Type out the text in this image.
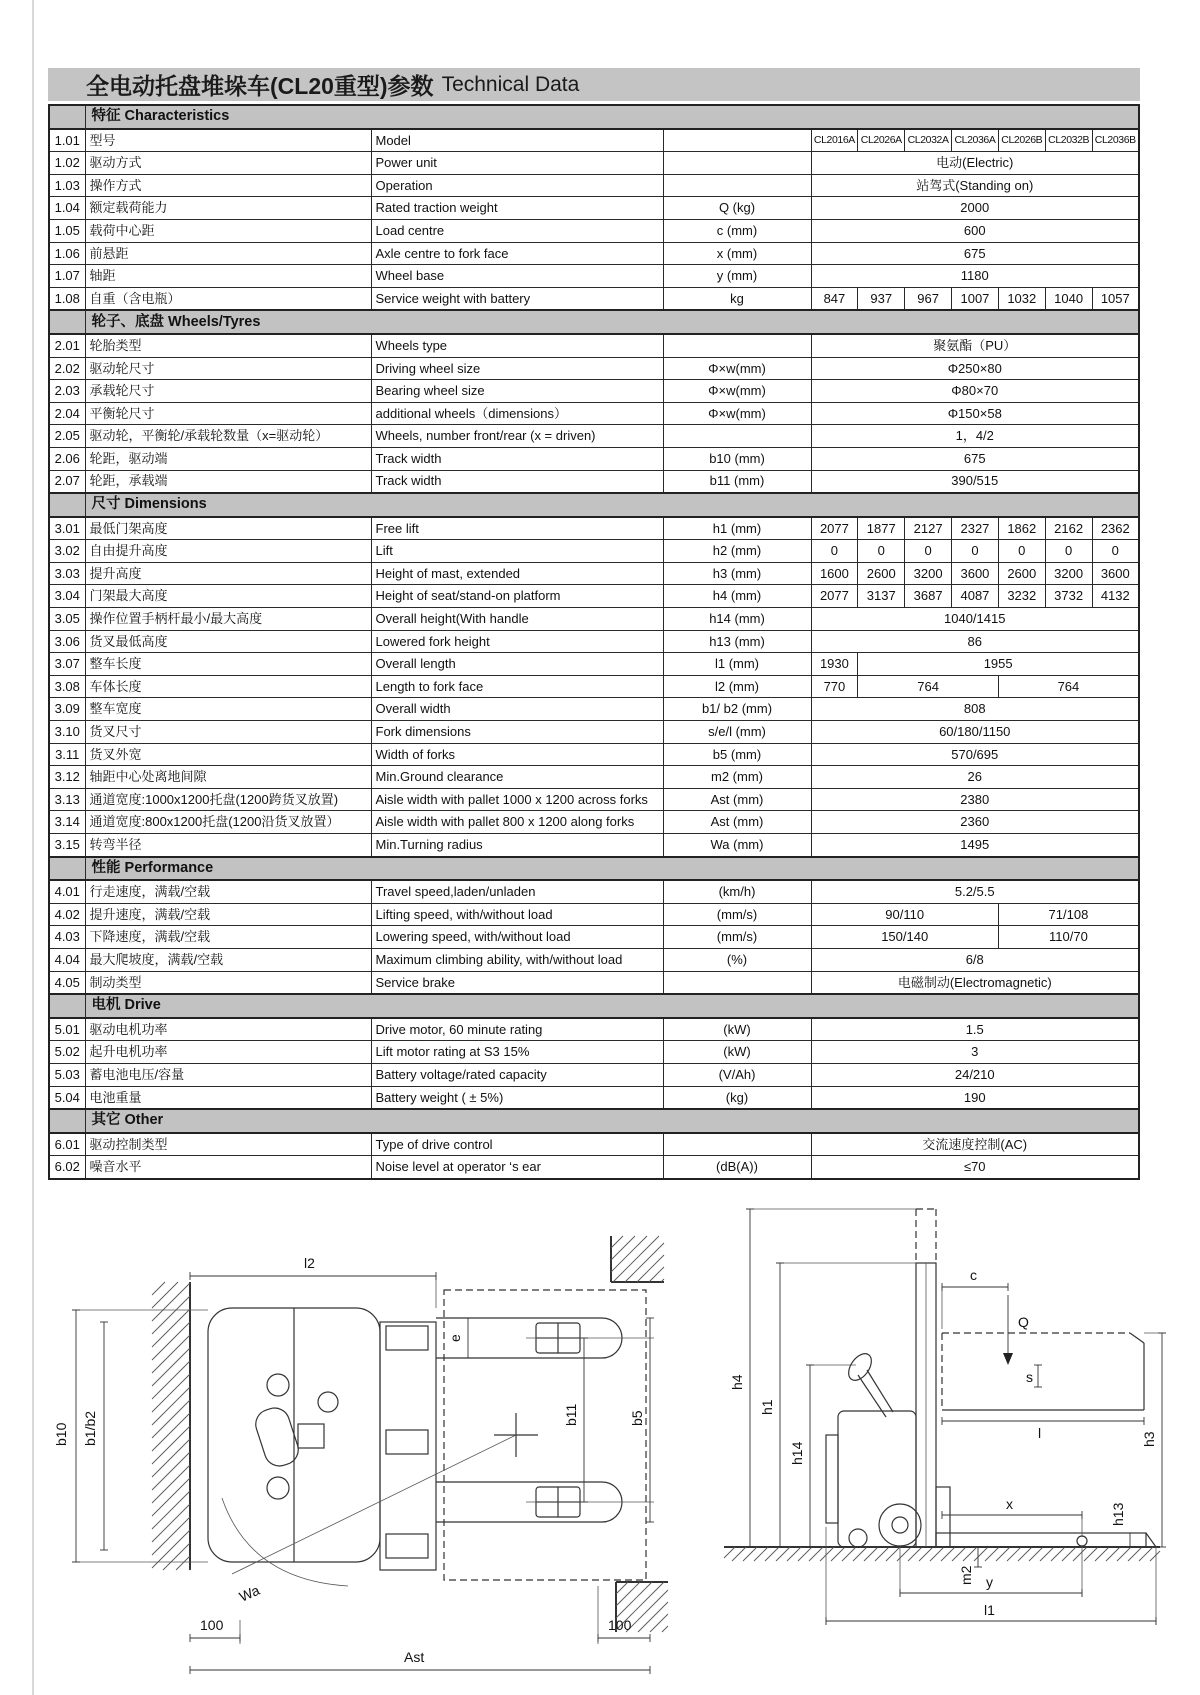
全电动托盘堆垛车(CL20重型)参数 Technical Data
	特征 Characteristics									
1.01	型号	Model		CL2016A	CL2026A	CL2032A	CL2036A	CL2026B	CL2032B	CL2036B
1.02	驱动方式	Power unit		电动(Electric)						
1.03	操作方式	Operation		站驾式(Standing on)						
1.04	额定载荷能力	Rated traction weight	Q (kg)	2000						
1.05	载荷中心距	Load centre	c (mm)	600						
1.06	前悬距	Axle centre to fork face	x (mm)	675						
1.07	轴距	Wheel base	y (mm)	1180						
1.08	自重（含电瓶）	Service weight with battery	kg	847	937	967	1007	1032	1040	1057
	轮子、底盘 Wheels/Tyres									
2.01	轮胎类型	Wheels type		聚氨酯（PU）						
2.02	驱动轮尺寸	Driving wheel size	Φ×w(mm)	Φ250×80						
2.03	承载轮尺寸	Bearing wheel size	Φ×w(mm)	Φ80×70						
2.04	平衡轮尺寸	additional wheels（dimensions）	Φ×w(mm)	Φ150×58						
2.05	驱动轮，平衡轮/承载轮数量（x=驱动轮）	Wheels, number front/rear (x = driven)		1，4/2						
2.06	轮距，驱动端	Track width	b10 (mm)	675						
2.07	轮距，承载端	Track width	b11 (mm)	390/515						
	尺寸 Dimensions									
3.01	最低门架高度	Free lift	h1 (mm)	2077	1877	2127	2327	1862	2162	2362
3.02	自由提升高度	Lift	h2 (mm)	0	0	0	0	0	0	0
3.03	提升高度	Height of mast, extended	h3 (mm)	1600	2600	3200	3600	2600	3200	3600
3.04	门架最大高度	Height of seat/stand-on platform	h4 (mm)	2077	3137	3687	4087	3232	3732	4132
3.05	操作位置手柄杆最小/最大高度	Overall height(With handle	h14 (mm)	1040/1415						
3.06	货叉最低高度	Lowered fork height	h13 (mm)	86						
3.07	整车长度	Overall length	l1 (mm)	1930	1955					
3.08	车体长度	Length to fork face	l2 (mm)	770	764			764		
3.09	整车宽度	Overall width	b1/ b2 (mm)	808						
3.10	货叉尺寸	Fork dimensions	s/e/l (mm)	60/180/1150						
3.11	货叉外宽	Width of forks	b5 (mm)	570/695						
3.12	轴距中心处离地间隙	Min.Ground clearance	m2 (mm)	26						
3.13	通道宽度:1000x1200托盘(1200跨货叉放置)	Aisle width with pallet 1000 x 1200 across forks	Ast (mm)	2380						
3.14	通道宽度:800x1200托盘(1200沿货叉放置）	Aisle width with pallet 800 x 1200 along forks	Ast (mm)	2360						
3.15	转弯半径	Min.Turning radius	Wa (mm)	1495						
	性能 Performance									
4.01	行走速度，满载/空载	Travel speed,laden/unladen	(km/h)	5.2/5.5						
4.02	提升速度，满载/空载	Lifting speed, with/without load	(mm/s)	90/110				71/108		
4.03	下降速度，满载/空载	Lowering speed, with/without load	(mm/s)	150/140				110/70		
4.04	最大爬坡度，满载/空载	Maximum climbing ability, with/without load	(%)	6/8						
4.05	制动类型	Service brake		电磁制动(Electromagnetic)						
	电机 Drive									
5.01	驱动电机功率	Drive motor, 60 minute rating	(kW)	1.5						
5.02	起升电机功率	Lift motor rating at S3 15%	(kW)	3						
5.03	蓄电池电压/容量	Battery voltage/rated capacity	(V/Ah)	24/210						
5.04	电池重量	Battery weight ( ± 5%)	(kg)	190						
	其它 Other									
6.01	驱动控制类型	Type of drive control		交流速度控制(AC)						
6.02	噪音水平	Noise level at operator ‘s ear	(dB(A))	≤70						
l2
Wa
b10 b1/b2	b11	b5
e
100	100
Ast
h4
h1
h14
c
Q
s
l	h3
x	h13
m2 y
l1
